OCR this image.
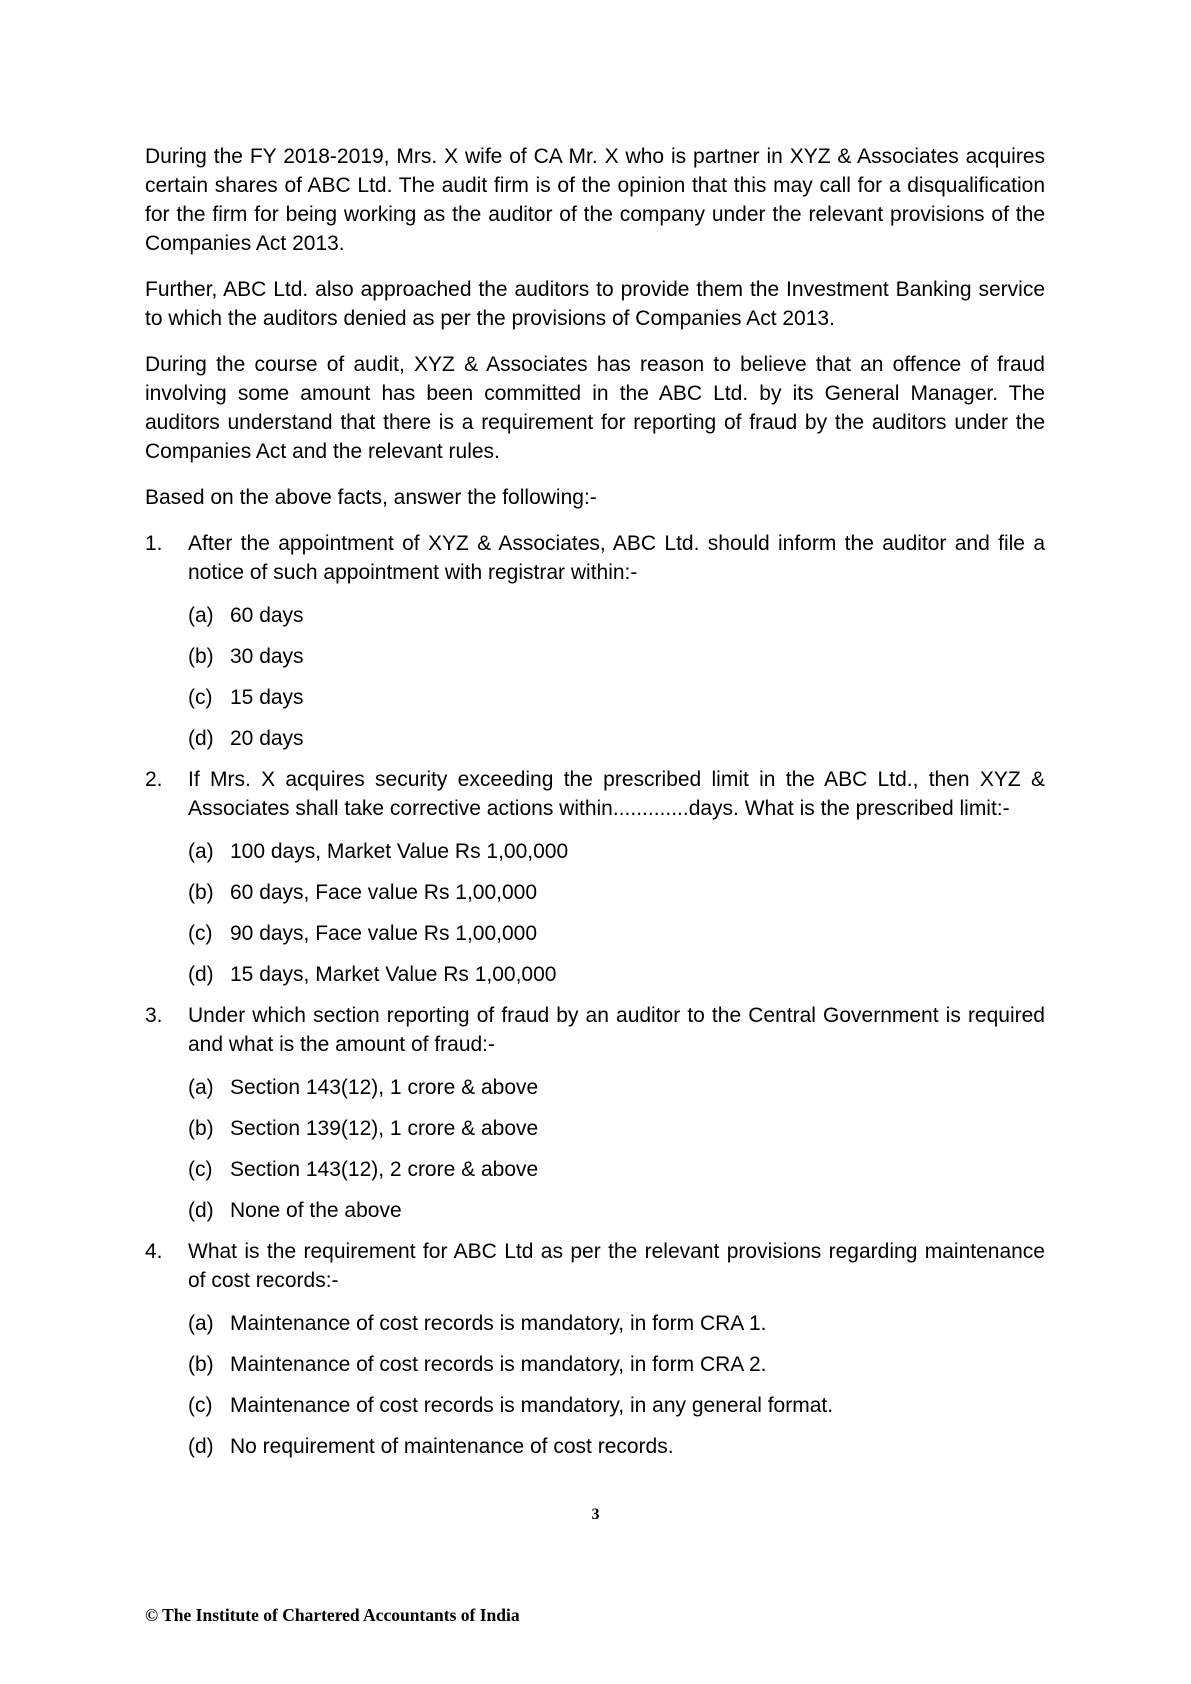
During the FY 2018-2019, Mrs. X wife of CA Mr. X who is partner in XYZ & Associates acquires certain shares of ABC Ltd. The audit firm is of the opinion that this may call for a disqualification for the firm for being working as the auditor of the company under the relevant provisions of the Companies Act 2013.

Further, ABC Ltd. also approached the auditors to provide them the Investment Banking service to which the auditors denied as per the provisions of Companies Act 2013.

During the course of audit, XYZ & Associates has reason to believe that an offence of fraud involving some amount has been committed in the ABC Ltd. by its General Manager. The auditors understand that there is a requirement for reporting of fraud by the auditors under the Companies Act and the relevant rules.

Based on the above facts, answer the following:-

1.	After the appointment of XYZ & Associates, ABC Ltd. should inform the auditor and file a notice of such appointment with registrar within:-
(a) 60 days
(b) 30 days
(c) 15 days
(d) 20 days
2.	If Mrs. X acquires security exceeding the prescribed limit in the ABC Ltd., then XYZ & Associates shall take corrective actions within.............days. What is the prescribed limit:-
(a) 100 days, Market Value Rs 1,00,000
(b) 60 days, Face value Rs 1,00,000
(c) 90 days, Face value Rs 1,00,000
(d) 15 days, Market Value Rs 1,00,000
3.	Under which section reporting of fraud by an auditor to the Central Government is required and what is the amount of fraud:-
(a) Section 143(12), 1 crore & above
(b) Section 139(12), 1 crore & above
(c) Section 143(12), 2 crore & above
(d) None of the above
4.	What is the requirement for ABC Ltd as per the relevant provisions regarding maintenance of cost records:-
(a) Maintenance of cost records is mandatory, in form CRA 1.
(b) Maintenance of cost records is mandatory, in form CRA 2.
(c) Maintenance of cost records is mandatory, in any general format.
(d) No requirement of maintenance of cost records.
3
© The Institute of Chartered Accountants of India
